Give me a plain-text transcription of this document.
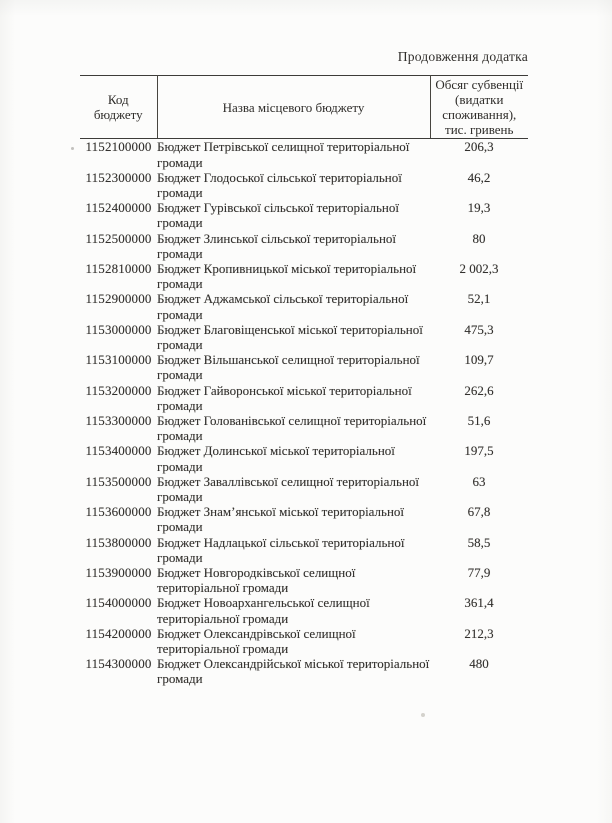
Продовження додатка
Код бюджету	Назва місцевого бюджету	Обсяг субвенції (видатки споживання), тис. гривень
1152100000	Бюджет Петрівської селищної територіальної громади	206,3
1152300000	Бюджет Глодоської сільської територіальної громади	46,2
1152400000	Бюджет Гурівської сільської територіальної громади	19,3
1152500000	Бюджет Злинської сільської територіальної громади	80
1152810000	Бюджет Кропивницької міської територіальної громади	2 002,3
1152900000	Бюджет Аджамської сільської територіальної громади	52,1
1153000000	Бюджет Благовіщенської міської територіальної громади	475,3
1153100000	Бюджет Вільшанської селищної територіальної громади	109,7
1153200000	Бюджет Гайворонської міської територіальної громади	262,6
1153300000	Бюджет Голованівської селищної територіальної громади	51,6
1153400000	Бюджет Долинської міської територіальної громади	197,5
1153500000	Бюджет Заваллівської селищної територіальної громади	63
1153600000	Бюджет Знам’янської міської територіальної громади	67,8
1153800000	Бюджет Надлацької сільської територіальної громади	58,5
1153900000	Бюджет Новгородківської селищної територіальної громади	77,9
1154000000	Бюджет Новоархангельської селищної територіальної громади	361,4
1154200000	Бюджет Олександрівської селищної територіальної громади	212,3
1154300000	Бюджет Олександрійської міської територіальної громади	480
